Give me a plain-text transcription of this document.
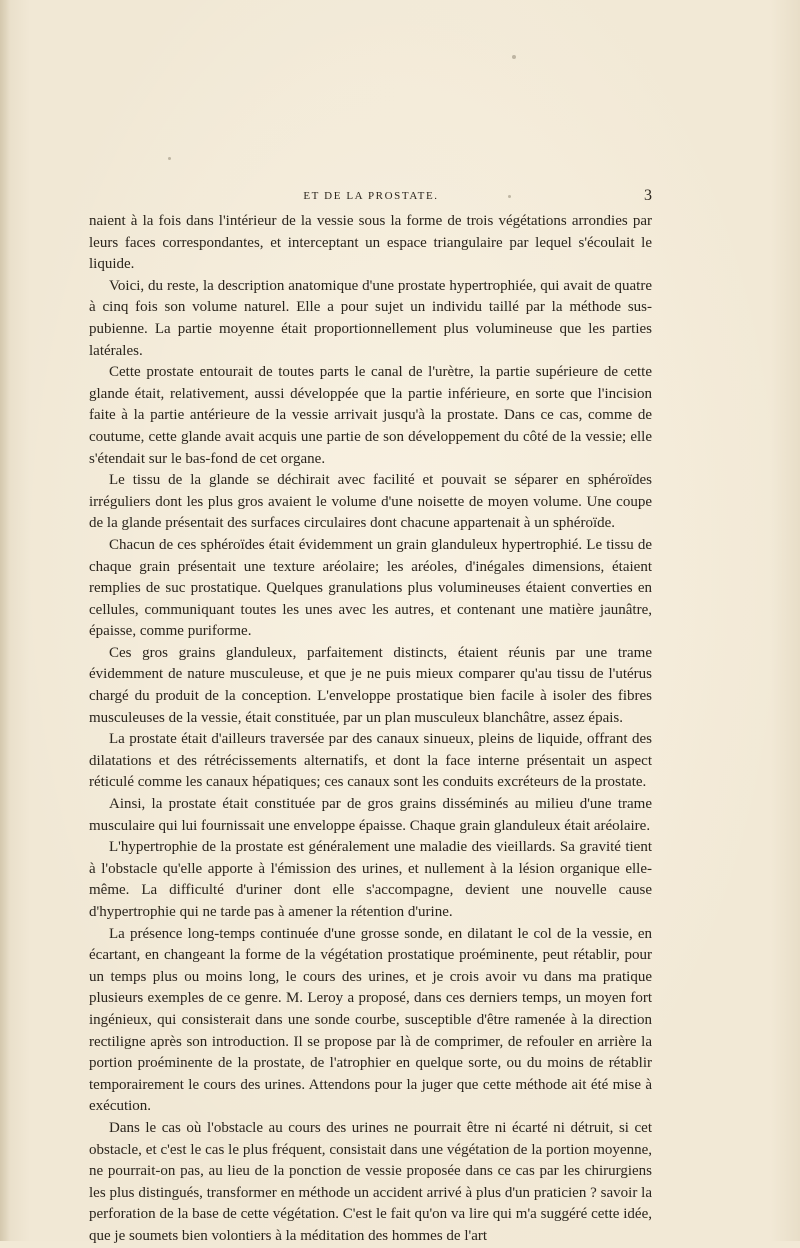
ET DE LA PROSTATE.	3

naient à la fois dans l'intérieur de la vessie sous la forme de trois végétations arrondies par leurs faces correspondantes, et interceptant un espace triangulaire par lequel s'écoulait le liquide.

Voici, du reste, la description anatomique d'une prostate hypertrophiée, qui avait de quatre à cinq fois son volume naturel. Elle a pour sujet un individu taillé par la méthode sus-pubienne. La partie moyenne était proportionnellement plus volumineuse que les parties latérales.

Cette prostate entourait de toutes parts le canal de l'urètre, la partie supérieure de cette glande était, relativement, aussi développée que la partie inférieure, en sorte que l'incision faite à la partie antérieure de la vessie arrivait jusqu'à la prostate. Dans ce cas, comme de coutume, cette glande avait acquis une partie de son développement du côté de la vessie; elle s'étendait sur le bas-fond de cet organe.

Le tissu de la glande se déchirait avec facilité et pouvait se séparer en sphéroïdes irréguliers dont les plus gros avaient le volume d'une noisette de moyen volume. Une coupe de la glande présentait des surfaces circulaires dont chacune appartenait à un sphéroïde.

Chacun de ces sphéroïdes était évidemment un grain glanduleux hypertrophié. Le tissu de chaque grain présentait une texture aréolaire; les aréoles, d'inégales dimensions, étaient remplies de suc prostatique. Quelques granulations plus volumineuses étaient converties en cellules, communiquant toutes les unes avec les autres, et contenant une matière jaunâtre, épaisse, comme puriforme.

Ces gros grains glanduleux, parfaitement distincts, étaient réunis par une trame évidemment de nature musculeuse, et que je ne puis mieux comparer qu'au tissu de l'utérus chargé du produit de la conception. L'enveloppe prostatique bien facile à isoler des fibres musculeuses de la vessie, était constituée, par un plan musculeux blanchâtre, assez épais.

La prostate était d'ailleurs traversée par des canaux sinueux, pleins de liquide, offrant des dilatations et des rétrécissements alternatifs, et dont la face interne présentait un aspect réticulé comme les canaux hépatiques; ces canaux sont les conduits excréteurs de la prostate.

Ainsi, la prostate était constituée par de gros grains disséminés au milieu d'une trame musculaire qui lui fournissait une enveloppe épaisse. Chaque grain glanduleux était aréolaire.

L'hypertrophie de la prostate est généralement une maladie des vieillards. Sa gravité tient à l'obstacle qu'elle apporte à l'émission des urines, et nullement à la lésion organique elle-même. La difficulté d'uriner dont elle s'accompagne, devient une nouvelle cause d'hypertrophie qui ne tarde pas à amener la rétention d'urine.

La présence long-temps continuée d'une grosse sonde, en dilatant le col de la vessie, en écartant, en changeant la forme de la végétation prostatique proéminente, peut rétablir, pour un temps plus ou moins long, le cours des urines, et je crois avoir vu dans ma pratique plusieurs exemples de ce genre. M. Leroy a proposé, dans ces derniers temps, un moyen fort ingénieux, qui consisterait dans une sonde courbe, susceptible d'être ramenée à la direction rectiligne après son introduction. Il se propose par là de comprimer, de refouler en arrière la portion proéminente de la prostate, de l'atrophier en quelque sorte, ou du moins de rétablir temporairement le cours des urines. Attendons pour la juger que cette méthode ait été mise à exécution.

Dans le cas où l'obstacle au cours des urines ne pourrait être ni écarté ni détruit, si cet obstacle, et c'est le cas le plus fréquent, consistait dans une végétation de la portion moyenne, ne pourrait-on pas, au lieu de la ponction de vessie proposée dans ce cas par les chirurgiens les plus distingués, transformer en méthode un accident arrivé à plus d'un praticien ? savoir la perforation de la base de cette végétation. C'est le fait qu'on va lire qui m'a suggéré cette idée, que je soumets bien volontiers à la méditation des hommes de l'art
